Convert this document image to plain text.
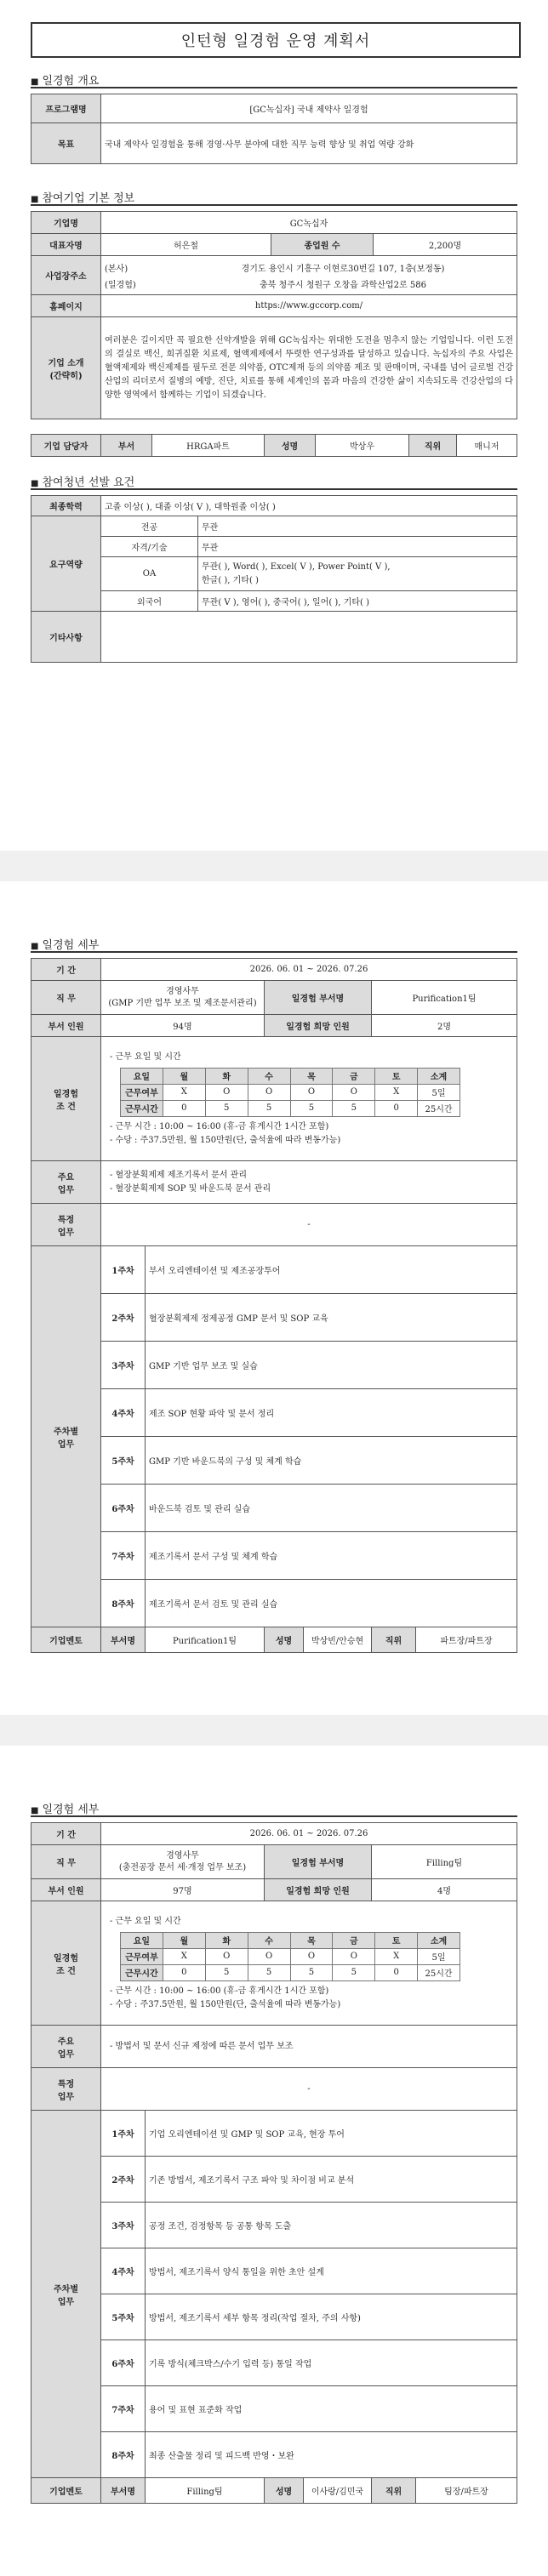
인턴형 일경험 운영 계획서
■ 일경험 개요
프로그램명	[GC녹십자] 국내 제약사 일경험
목표	국내 제약사 일경험을 통해 경영·사무 분야에 대한 직무 능력 향상 및 취업 역량 강화
■ 참여기업 기본 정보
기업명	GC녹십자		
대표자명	허은철	종업원 수	2,200명
사업장주소	(본사) 경기도 용인시 기흥구 이현로30번길 107, 1층(보정동)
(일경험) 충북 청주시 청원구 오창읍 과학산업2로 586		

홈페이지	https://www.gccorp.com/		
기업 소개
(간략히)	여러분은 길이지만 꼭 필요한 신약개발을 위해 GC녹십자는 위대한 도전을 멈추지 않는 기업입니다. 이런 도전의 결실로 백신, 희귀질환 치료제, 혈액제제에서 뚜렷한 연구성과를 달성하고 있습니다. 녹십자의 주요 사업은 혈액제제와 백신제제를 필두로 전문 의약품, OTC제재 등의 의약품 제조 및 판매이며, 국내를 넘어 글로벌 건강산업의 리더로서 질병의 예방, 진단, 치료를 통해 세계인의 몸과 마음의 건강한 삶이 지속되도록 건강산업의 다양한 영역에서 함께하는 기업이 되겠습니다.		
기업 담당자	부서	HRGA파트	성명	박상우	직위	매니저
■ 참여청년 선발 요건
최종학력	고졸 이상( ), 대졸 이상( V ), 대학원졸 이상( )	
요구역량	전공	무관
	자격/기술	무관
	OA	무관( ), Word( ), Excel( V ), Power Point( V ),
한글( ), 기타( )
	외국어	무관( V ), 영어( ), 중국어( ), 일어( ), 기타( )
기타사항		
■ 일경험 세부
기 간	2026. 06. 01 ~ 2026. 07.26
직 무	경영사무
(GMP 기반 업무 보조 및 제조문서관리)	일경험 부서명	Purification1팀
부서 인원	94명	일경험 희망 인원	2명
일경험
조 건	
- 근무 요일 및 시간
요일	월	화	수	목	금	토	소계
근무여부	X	O	O	O	O	X	5일
근무시간	0	5	5	5	5	0	25시간
- 근무 시간 : 10:00 ~ 16:00 (휴-금 휴게시간 1시간 포함)
- 수당 : 주37.5만원, 월 150만원(단, 출석율에 따라 변동가능)

주요
업무	- 혈장분획제제 제조기록서 문서 관리
- 혈장분획제제 SOP 및 바운드북 문서 관리
특정
업무	-
주차별
업무	1주차	부서 오리엔테이션 및 제조공장투어
2주차	혈장분획제제 정제공정 GMP 문서 및 SOP 교육
3주차	GMP 기반 업무 보조 및 실습
4주차	제조 SOP 현황 파악 및 문서 정리
5주차	GMP 기반 바운드북의 구성 및 체계 학습
6주차	바운드북 검토 및 관리 실습
7주차	제조기록서 문서 구성 및 체계 학습
8주차	제조기록서 문서 검토 및 관리 실습
기업멘토	부서명	Purification1팀	성명	박상빈/안승현	직위	파트장/파트장
■ 일경험 세부
기 간	2026. 06. 01 ~ 2026. 07.26
직 무	경영사무
(충전공장 문서 세·개정 업무 보조)	일경험 부서명	Filling팀
부서 인원	97명	일경험 희망 인원	4명
일경험
조 건	
- 근무 요일 및 시간
요일	월	화	수	목	금	토	소계
근무여부	X	O	O	O	O	X	5일
근무시간	0	5	5	5	5	0	25시간
- 근무 시간 : 10:00 ~ 16:00 (휴-금 휴게시간 1시간 포함)
- 수당 : 주37.5만원, 월 150만원(단, 출석율에 따라 변동가능)

주요
업무	- 방법서 및 문서 신규 제정에 따른 문서 업무 보조
특정
업무	-
주차별
업무	1주차	기업 오리엔테이션 및 GMP 및 SOP 교육, 현장 투어
2주차	기존 방법서, 제조기록서 구조 파악 및 차이점 비교 분석
3주차	공정 조건, 검정항목 등 공통 항목 도출
4주차	방법서, 제조기록서 양식 통일을 위한 초안 설계
5주차	방법서, 제조기록서 세부 항목 정리(작업 절차, 주의 사항)
6주차	기록 방식(체크박스/수기 입력 등) 통일 작업
7주차	용어 및 표현 표준화 작업
8주차	최종 산출물 정리 및 피드백 반영・보완
기업멘토	부서명	Filling팀	성명	이사랑/김민국	직위	팀장/파트장
